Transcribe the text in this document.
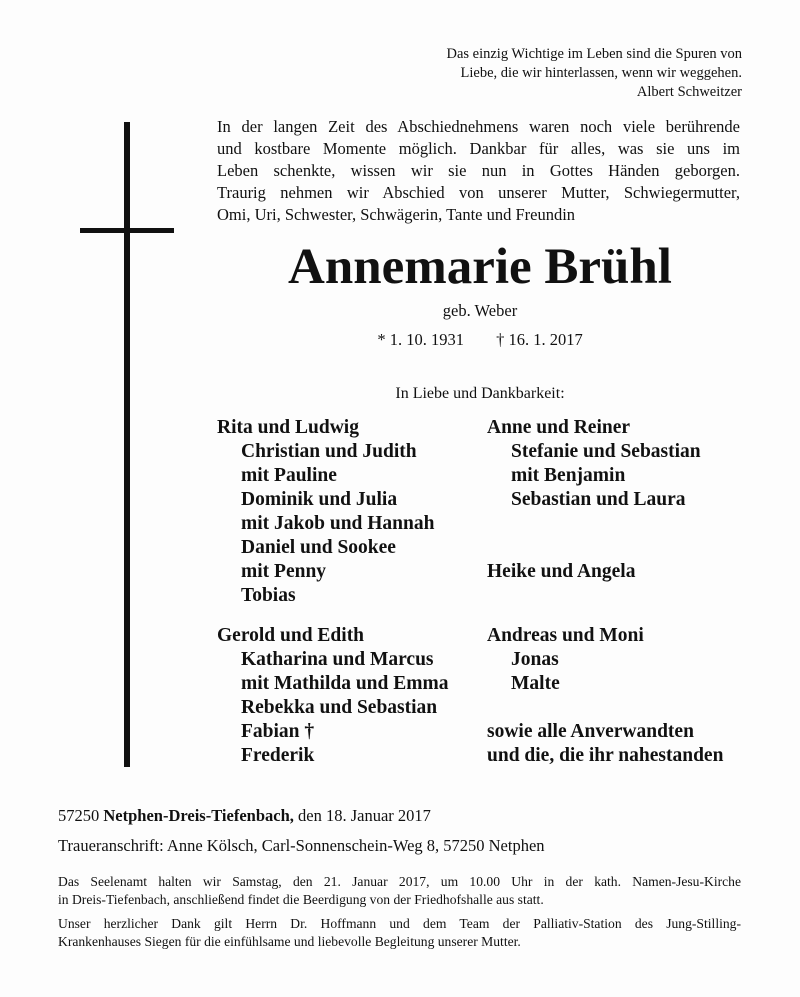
Das einzig Wichtige im Leben sind die Spuren von
Liebe, die wir hinterlassen, wenn wir weggehen.
Albert Schweitzer
In der langen Zeit des Abschiednehmens waren noch viele berührende
und kostbare Momente möglich. Dankbar für alles, was sie uns im
Leben schenkte, wissen wir sie nun in Gottes Händen geborgen.
Traurig nehmen wir Abschied von unserer Mutter, Schwiegermutter,
Omi, Uri, Schwester, Schwägerin, Tante und Freundin
Annemarie Brühl
geb. Weber
* 1. 10. 1931 † 16. 1. 2017
In Liebe und Dankbarkeit:
Rita und Ludwig
Christian und Judith
mit Pauline
Dominik und Julia
mit Jakob und Hannah
Daniel und Sookee
mit Penny
Tobias
Anne und Reiner
Stefanie und Sebastian
mit Benjamin
Sebastian und Laura
Heike und Angela
Gerold und Edith
Katharina und Marcus
mit Mathilda und Emma
Rebekka und Sebastian
Fabian †
Frederik
Andreas und Moni
Jonas
Malte
sowie alle Anverwandten
und die, die ihr nahestanden
57250 Netphen-Dreis-Tiefenbach, den 18. Januar 2017
Traueranschrift: Anne Kölsch, Carl-Sonnenschein-Weg 8, 57250 Netphen
Das Seelenamt halten wir Samstag, den 21. Januar 2017, um 10.00 Uhr in der kath. Namen-Jesu-Kirche
in Dreis-Tiefenbach, anschließend findet die Beerdigung von der Friedhofshalle aus statt.
Unser herzlicher Dank gilt Herrn Dr. Hoffmann und dem Team der Palliativ-Station des Jung-Stilling-
Krankenhauses Siegen für die einfühlsame und liebevolle Begleitung unserer Mutter.
